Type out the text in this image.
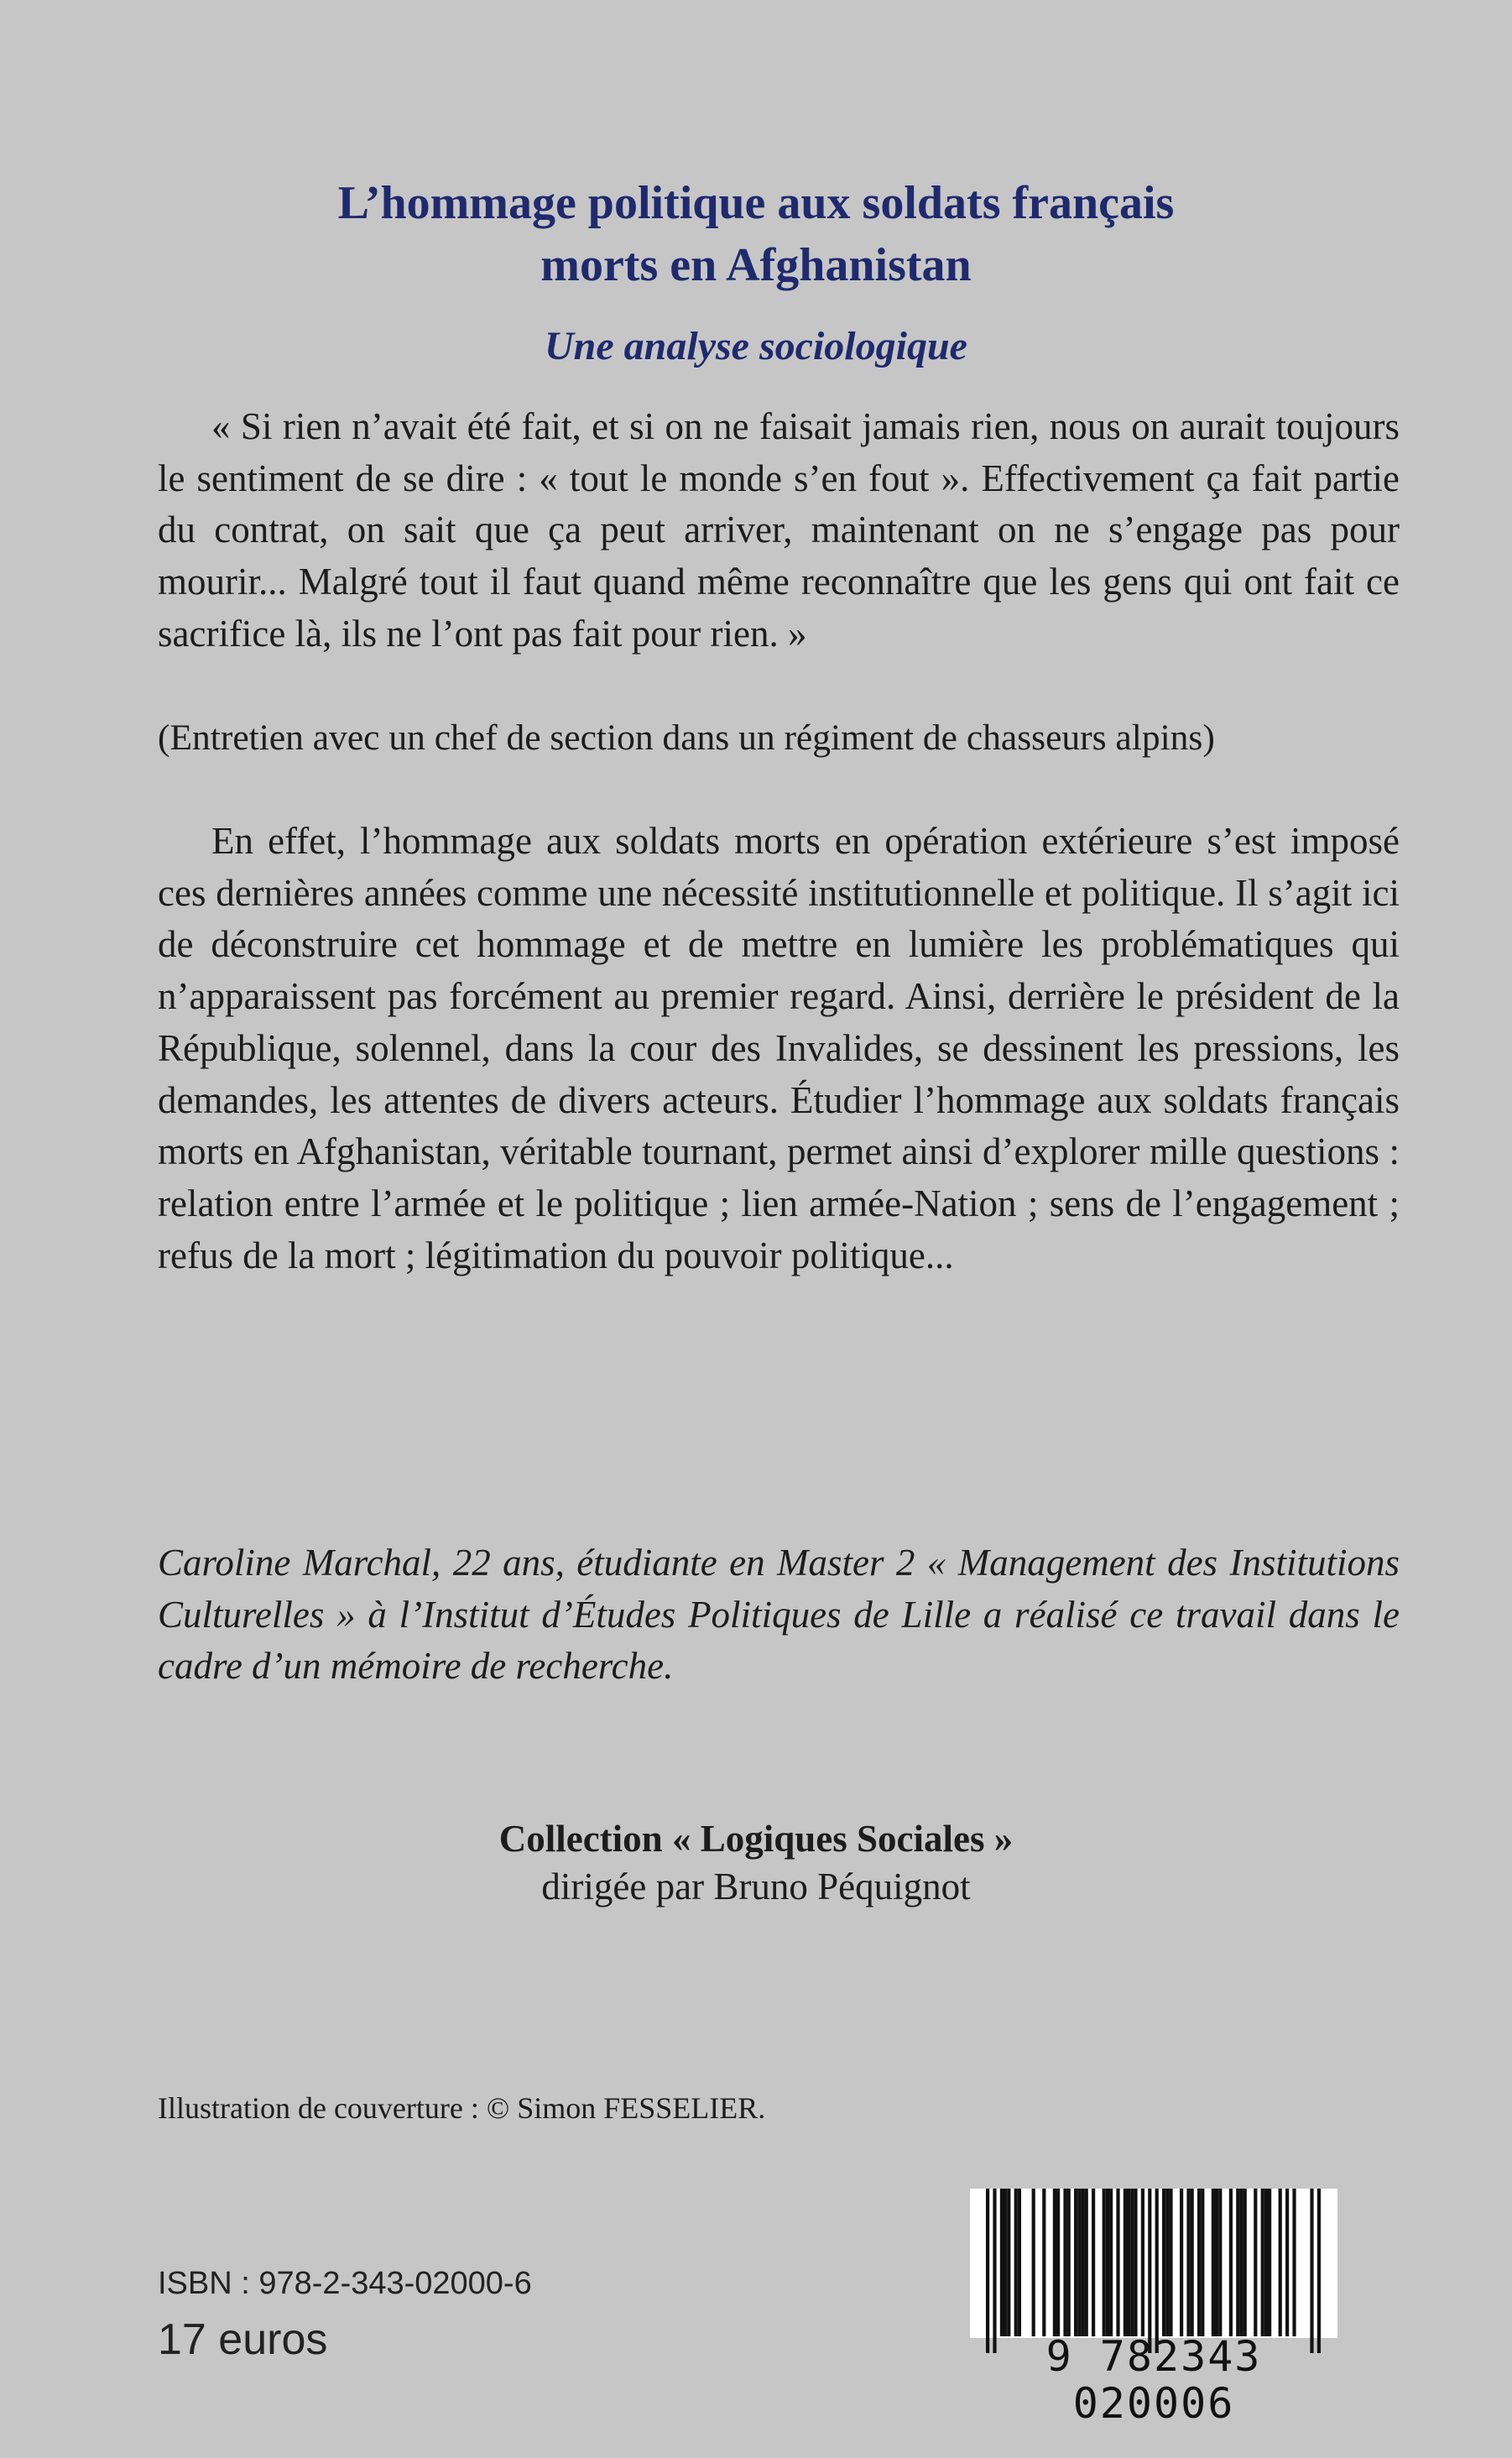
L’hommage politique aux soldats français
morts en Afghanistan
Une analyse sociologique

« Si rien n’avait été fait, et si on ne faisait jamais rien, nous on aurait toujours le sentiment de se dire : « tout le monde s’en fout ». Effectivement ça fait partie du contrat, on sait que ça peut arriver, maintenant on ne s’engage pas pour mourir... Malgré tout il faut quand même reconnaître que les gens qui ont fait ce sacrifice là, ils ne l’ont pas fait pour rien. »

(Entretien avec un chef de section dans un régiment de chasseurs alpins)

En effet, l’hommage aux soldats morts en opération extérieure s’est imposé ces dernières années comme une nécessité institutionnelle et politique. Il s’agit ici de déconstruire cet hommage et de mettre en lumière les problématiques qui n’apparaissent pas forcément au premier regard. Ainsi, derrière le président de la République, solennel, dans la cour des Invalides, se dessinent les pressions, les demandes, les attentes de divers acteurs. Étudier l’hommage aux soldats français morts en Afghanistan, véritable tournant, permet ainsi d’explorer mille questions : relation entre l’armée et le politique ; lien armée-Nation ; sens de l’engagement ; refus de la mort ; légitimation du pouvoir politique...

Caroline Marchal, 22 ans, étudiante en Master 2 « Management des Institutions Culturelles » à l’Institut d’Études Politiques de Lille a réalisé ce travail dans le cadre d’un mémoire de recherche.

Collection « Logiques Sociales »
dirigée par Bruno Péquignot

Illustration de couverture : © Simon FESSELIER.

ISBN : 978-2-343-02000-6

17 euros	9 782343 020006
